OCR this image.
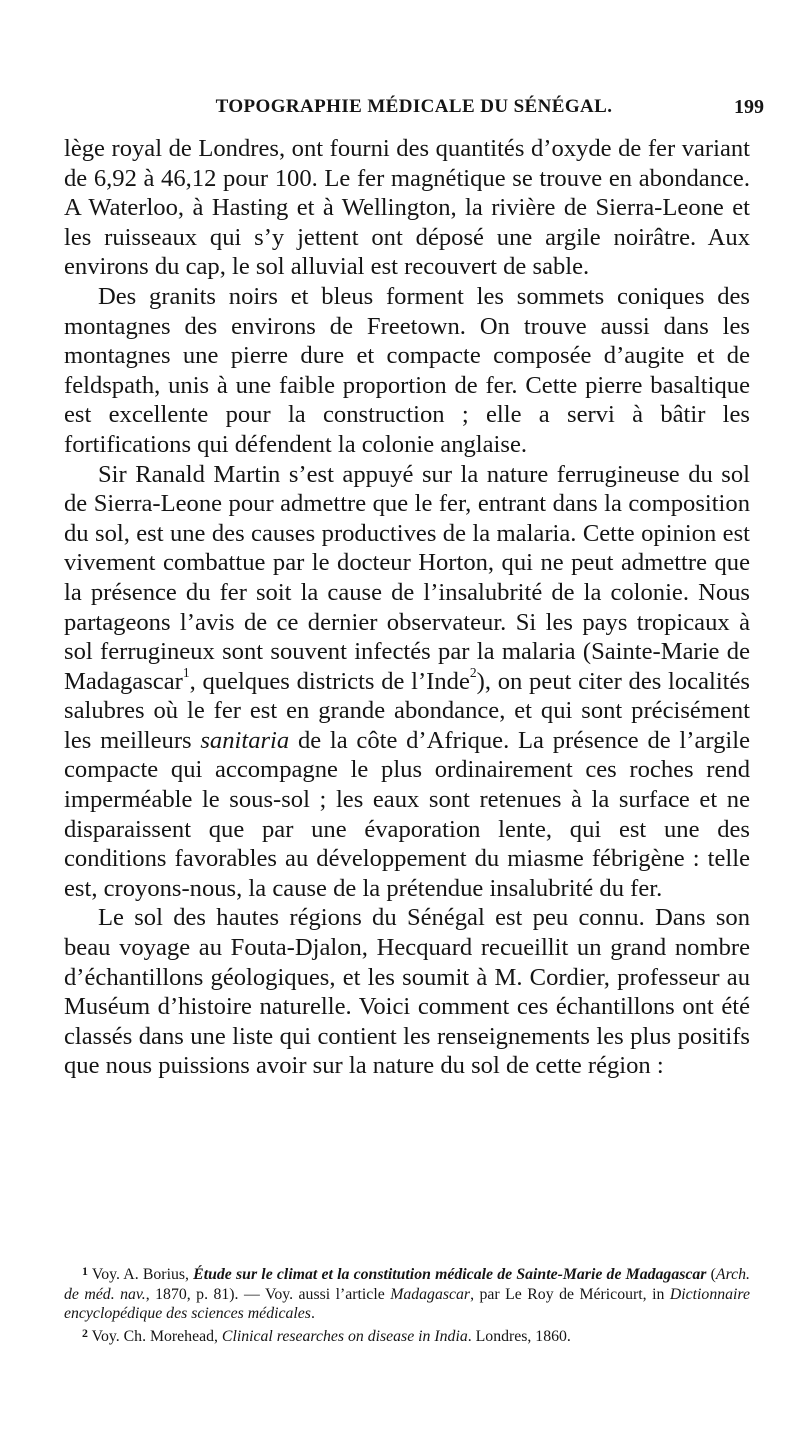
TOPOGRAPHIE MÉDICALE DU SÉNÉGAL.	199

lège royal de Londres, ont fourni des quantités d’oxyde de fer variant de 6,92 à 46,12 pour 100. Le fer magnétique se trouve en abondance. A Waterloo, à Hasting et à Wellington, la rivière de Sierra-Leone et les ruisseaux qui s’y jettent ont déposé une argile noirâtre. Aux environs du cap, le sol alluvial est recouvert de sable.

Des granits noirs et bleus forment les sommets coniques des montagnes des environs de Freetown. On trouve aussi dans les montagnes une pierre dure et compacte composée d’augite et de feldspath, unis à une faible proportion de fer. Cette pierre basaltique est excellente pour la construction ; elle a servi à bâtir les fortifications qui défendent la colonie anglaise.

Sir Ranald Martin s’est appuyé sur la nature ferrugineuse du sol de Sierra-Leone pour admettre que le fer, entrant dans la composition du sol, est une des causes productives de la malaria. Cette opinion est vivement combattue par le docteur Horton, qui ne peut admettre que la présence du fer soit la cause de l’insalubrité de la colonie. Nous partageons l’avis de ce dernier observateur. Si les pays tropicaux à sol ferrugineux sont souvent infectés par la malaria (Sainte-Marie de Madagascar$^1$, quelques districts de l’Inde$^2$), on peut citer des localités salubres où le fer est en grande abondance, et qui sont précisément les meilleurs sanitaria de la côte d’Afrique. La présence de l’argile compacte qui accompagne le plus ordinairement ces roches rend imperméable le sous-sol ; les eaux sont retenues à la surface et ne disparaissent que par une évaporation lente, qui est une des conditions favorables au développement du miasme fébrigène : telle est, croyons-nous, la cause de la prétendue insalubrité du fer.

Le sol des hautes régions du Sénégal est peu connu. Dans son beau voyage au Fouta-Djalon, Hecquard recueillit un grand nombre d’échantillons géologiques, et les soumit à M. Cordier, professeur au Muséum d’histoire naturelle. Voici comment ces échantillons ont été classés dans une liste qui contient les renseignements les plus positifs que nous puissions avoir sur la nature du sol de cette région :

$^1$ Voy. A. Borius, Étude sur le climat et la constitution médicale de Sainte-Marie de Madagascar (Arch. de méd. nav., 1870, p. 81). — Voy. aussi l’article Madagascar, par Le Roy de Méricourt, in Dictionnaire encyclopédique des sciences médicales.

$^2$ Voy. Ch. Morehead, Clinical researches on disease in India. Londres, 1860.
